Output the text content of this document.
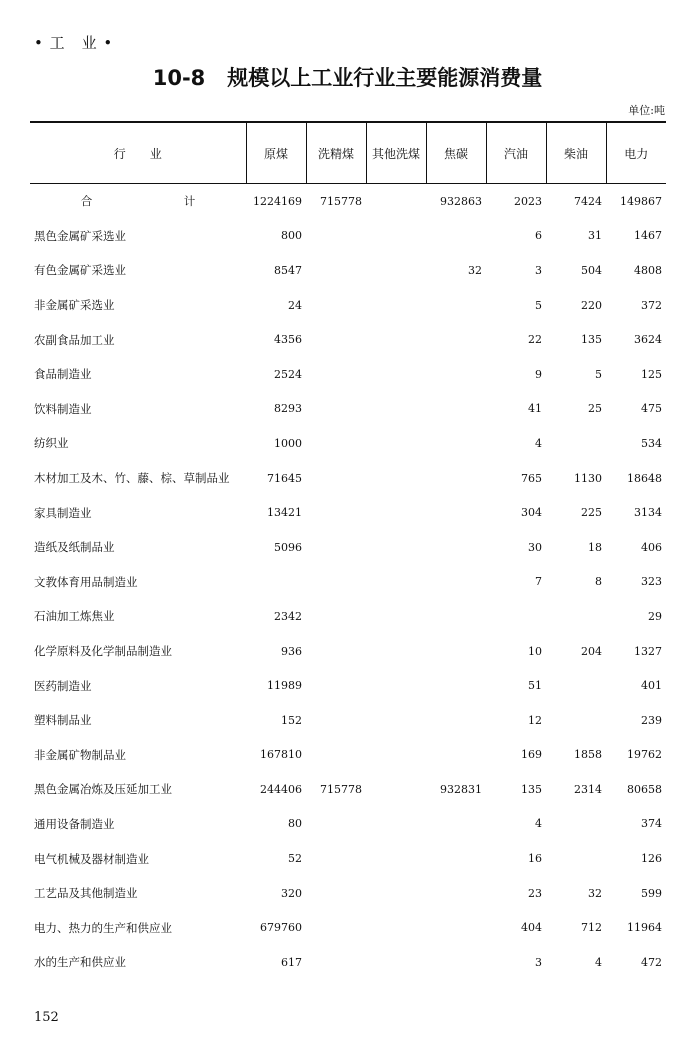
• 工　业 •
10-8 规模以上工业行业主要能源消费量
单位:吨
行　　业	原煤	洗精煤	其他洗煤	焦碳	汽油	柴油	电力
合　计	1224169	715778		932863	2023	7424	149867
黑色金属矿采选业	800				6	31	1467
有色金属矿采选业	8547			32	3	504	4808
非金属矿采选业	24				5	220	372
农副食品加工业	4356				22	135	3624
食品制造业	2524				9	5	125
饮料制造业	8293				41	25	475
纺织业	1000				4		534
木材加工及木、竹、藤、棕、草制品业	71645				765	1130	18648
家具制造业	13421				304	225	3134
造纸及纸制品业	5096				30	18	406
文教体育用品制造业					7	8	323
石油加工炼焦业	2342						29
化学原料及化学制品制造业	936				10	204	1327
医药制造业	11989				51		401
塑料制品业	152				12		239
非金属矿物制品业	167810				169	1858	19762
黑色金属冶炼及压延加工业	244406	715778		932831	135	2314	80658
通用设备制造业	80				4		374
电气机械及器材制造业	52				16		126
工艺品及其他制造业	320				23	32	599
电力、热力的生产和供应业	679760				404	712	11964
水的生产和供应业	617				3	4	472
152
